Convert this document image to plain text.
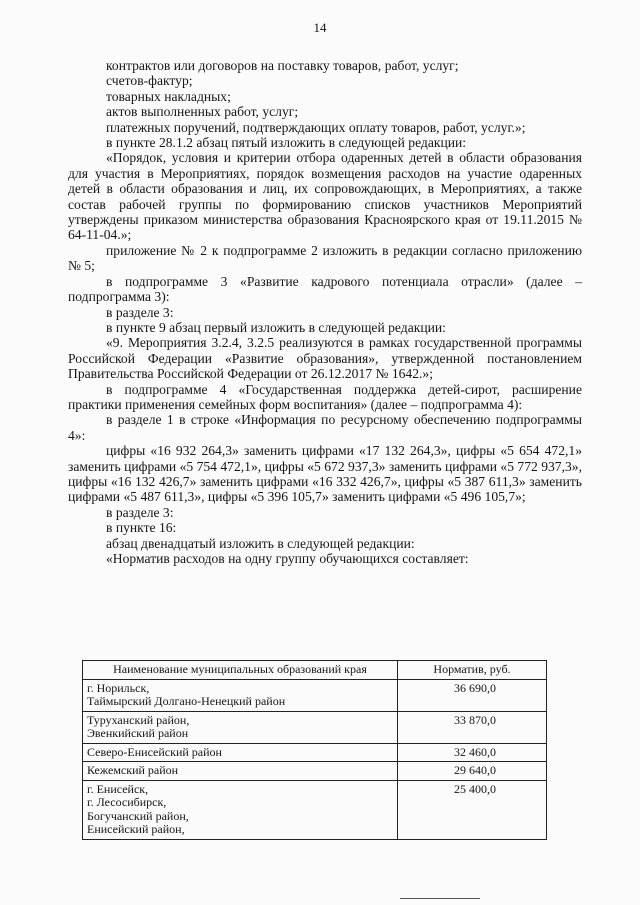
14

контрактов или договоров на поставку товаров, работ, услуг;

счетов-фактур;

товарных накладных;

актов выполненных работ, услуг;

платежных поручений, подтверждающих оплату товаров, работ, услуг.»;

в пункте 28.1.2 абзац пятый изложить в следующей редакции:

«Порядок, условия и критерии отбора одаренных детей в области образования для участия в Мероприятиях, порядок возмещения расходов на участие одаренных детей в области образования и лиц, их сопровождающих, в Мероприятиях, а также состав рабочей группы по формированию списков участников Мероприятий утверждены приказом министерства образования Красноярского края от 19.11.2015 № 64-11-04.»;

приложение № 2 к подпрограмме 2 изложить в редакции согласно приложению № 5;

в подпрограмме 3 «Развитие кадрового потенциала отрасли» (далее – подпрограмма 3):

в разделе 3:

в пункте 9 абзац первый изложить в следующей редакции:

«9. Мероприятия 3.2.4, 3.2.5 реализуются в рамках государственной программы Российской Федерации «Развитие образования», утвержденной постановлением Правительства Российской Федерации от 26.12.2017 № 1642.»;

в подпрограмме 4 «Государственная поддержка детей-сирот, расширение практики применения семейных форм воспитания» (далее – подпрограмма 4):

в разделе 1 в строке «Информация по ресурсному обеспечению подпрограммы 4»:

цифры «16 932 264,3» заменить цифрами «17 132 264,3», цифры «5 654 472,1» заменить цифрами «5 754 472,1», цифры «5 672 937,3» заменить цифрами «5 772 937,3», цифры «16 132 426,7» заменить цифрами «16 332 426,7», цифры «5 387 611,3» заменить цифрами «5 487 611,3», цифры «5 396 105,7» заменить цифрами «5 496 105,7»;

в разделе 3:

в пункте 16:

абзац двенадцатый изложить в следующей редакции:

«Норматив расходов на одну группу обучающихся составляет:

Наименование муниципальных образований края	Норматив, руб.

г. Норильск,
Таймырский Долгано-Ненецкий район	36 690,0

Туруханский район,
Эвенкийский район	33 870,0

Северо-Енисейский район	32 460,0

Кежемский район	29 640,0

г. Енисейск,
г. Лесосибирск,
Богучанский район,
Енисейский район,	25 400,0
